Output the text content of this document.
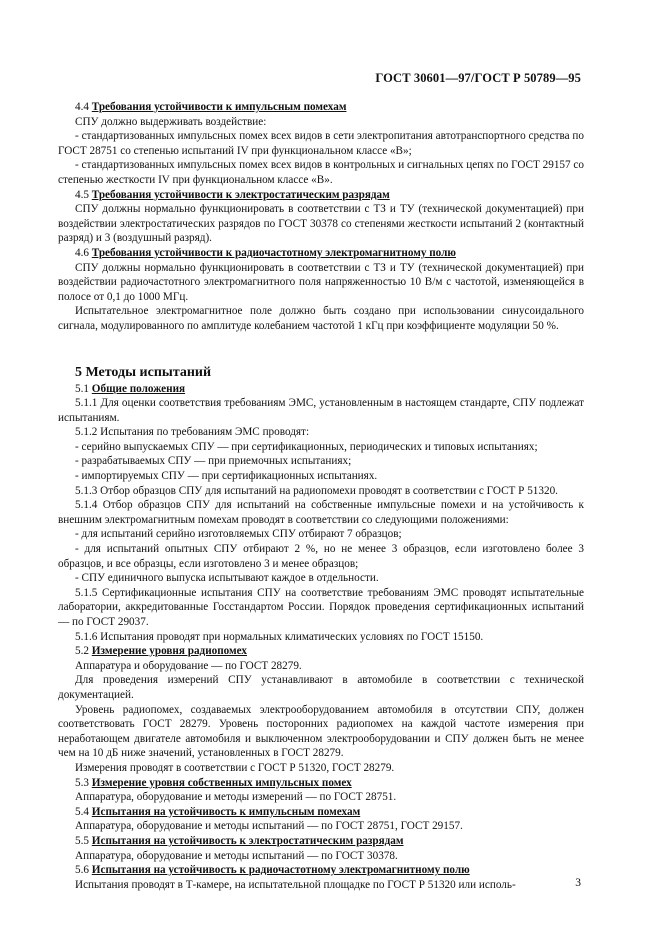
ГОСТ 30601—97/ГОСТ Р 50789—95

4.4 Требования устойчивости к импульсным помехам

СПУ должно выдерживать воздействие:

- стандартизованных импульсных помех всех видов в сети электропитания автотранспортного средства по ГОСТ 28751 со степенью испытаний IV при функциональном классе «В»;

- стандартизованных импульсных помех всех видов в контрольных и сигнальных цепях по ГОСТ 29157 со степенью жесткости IV при функциональном классе «В».

4.5 Требования устойчивости к электростатическим разрядам

СПУ должны нормально функционировать в соответствии с ТЗ и ТУ (технической документацией) при воздействии электростатических разрядов по ГОСТ 30378 со степенями жесткости испытаний 2 (контактный разряд) и 3 (воздушный разряд).

4.6 Требования устойчивости к радиочастотному электромагнитному полю

СПУ должны нормально функционировать в соответствии с ТЗ и ТУ (технической документацией) при воздействии радиочастотного электромагнитного поля напряженностью 10 В/м с частотой, изменяющейся в полосе от 0,1 до 1000 МГц.

Испытательное электромагнитное поле должно быть создано при использовании синусоидального сигнала, модулированного по амплитуде колебанием частотой 1 кГц при коэффициенте модуляции 50 %.

5 Методы испытаний

5.1 Общие положения

5.1.1 Для оценки соответствия требованиям ЭМС, установленным в настоящем стандарте, СПУ подлежат испытаниям.

5.1.2 Испытания по требованиям ЭМС проводят:

- серийно выпускаемых СПУ — при сертификационных, периодических и типовых испытаниях;

- разрабатываемых СПУ — при приемочных испытаниях;

- импортируемых СПУ — при сертификационных испытаниях.

5.1.3 Отбор образцов СПУ для испытаний на радиопомехи проводят в соответствии с ГОСТ Р 51320.

5.1.4 Отбор образцов СПУ для испытаний на собственные импульсные помехи и на устойчивость к внешним электромагнитным помехам проводят в соответствии со следующими положениями:

- для испытаний серийно изготовляемых СПУ отбирают 7 образцов;

- для испытаний опытных СПУ отбирают 2 %, но не менее 3 образцов, если изготовлено более 3 образцов, и все образцы, если изготовлено 3 и менее образцов;

- СПУ единичного выпуска испытывают каждое в отдельности.

5.1.5 Сертификационные испытания СПУ на соответствие требованиям ЭМС проводят испытательные лаборатории, аккредитованные Госстандартом России. Порядок проведения сертификационных испытаний — по ГОСТ 29037.

5.1.6 Испытания проводят при нормальных климатических условиях по ГОСТ 15150.

5.2 Измерение уровня радиопомех

Аппаратура и оборудование — по ГОСТ 28279.

Для проведения измерений СПУ устанавливают в автомобиле в соответствии с технической документацией.

Уровень радиопомех, создаваемых электрооборудованием автомобиля в отсутствии СПУ, должен соответствовать ГОСТ 28279. Уровень посторонних радиопомех на каждой частоте измерения при неработающем двигателе автомобиля и выключенном электрооборудовании и СПУ должен быть не менее чем на 10 дБ ниже значений, установленных в ГОСТ 28279.

Измерения проводят в соответствии с ГОСТ Р 51320, ГОСТ 28279.

5.3 Измерение уровня собственных импульсных помех

Аппаратура, оборудование и методы измерений — по ГОСТ 28751.

5.4 Испытания на устойчивость к импульсным помехам

Аппаратура, оборудование и методы испытаний — по ГОСТ 28751, ГОСТ 29157.

5.5 Испытания на устойчивость к электростатическим разрядам

Аппаратура, оборудование и методы испытаний — по ГОСТ 30378.

5.6 Испытания на устойчивость к радиочастотному электромагнитному полю

Испытания проводят в Т-камере, на испытательной площадке по ГОСТ Р 51320 или исполь-	3
